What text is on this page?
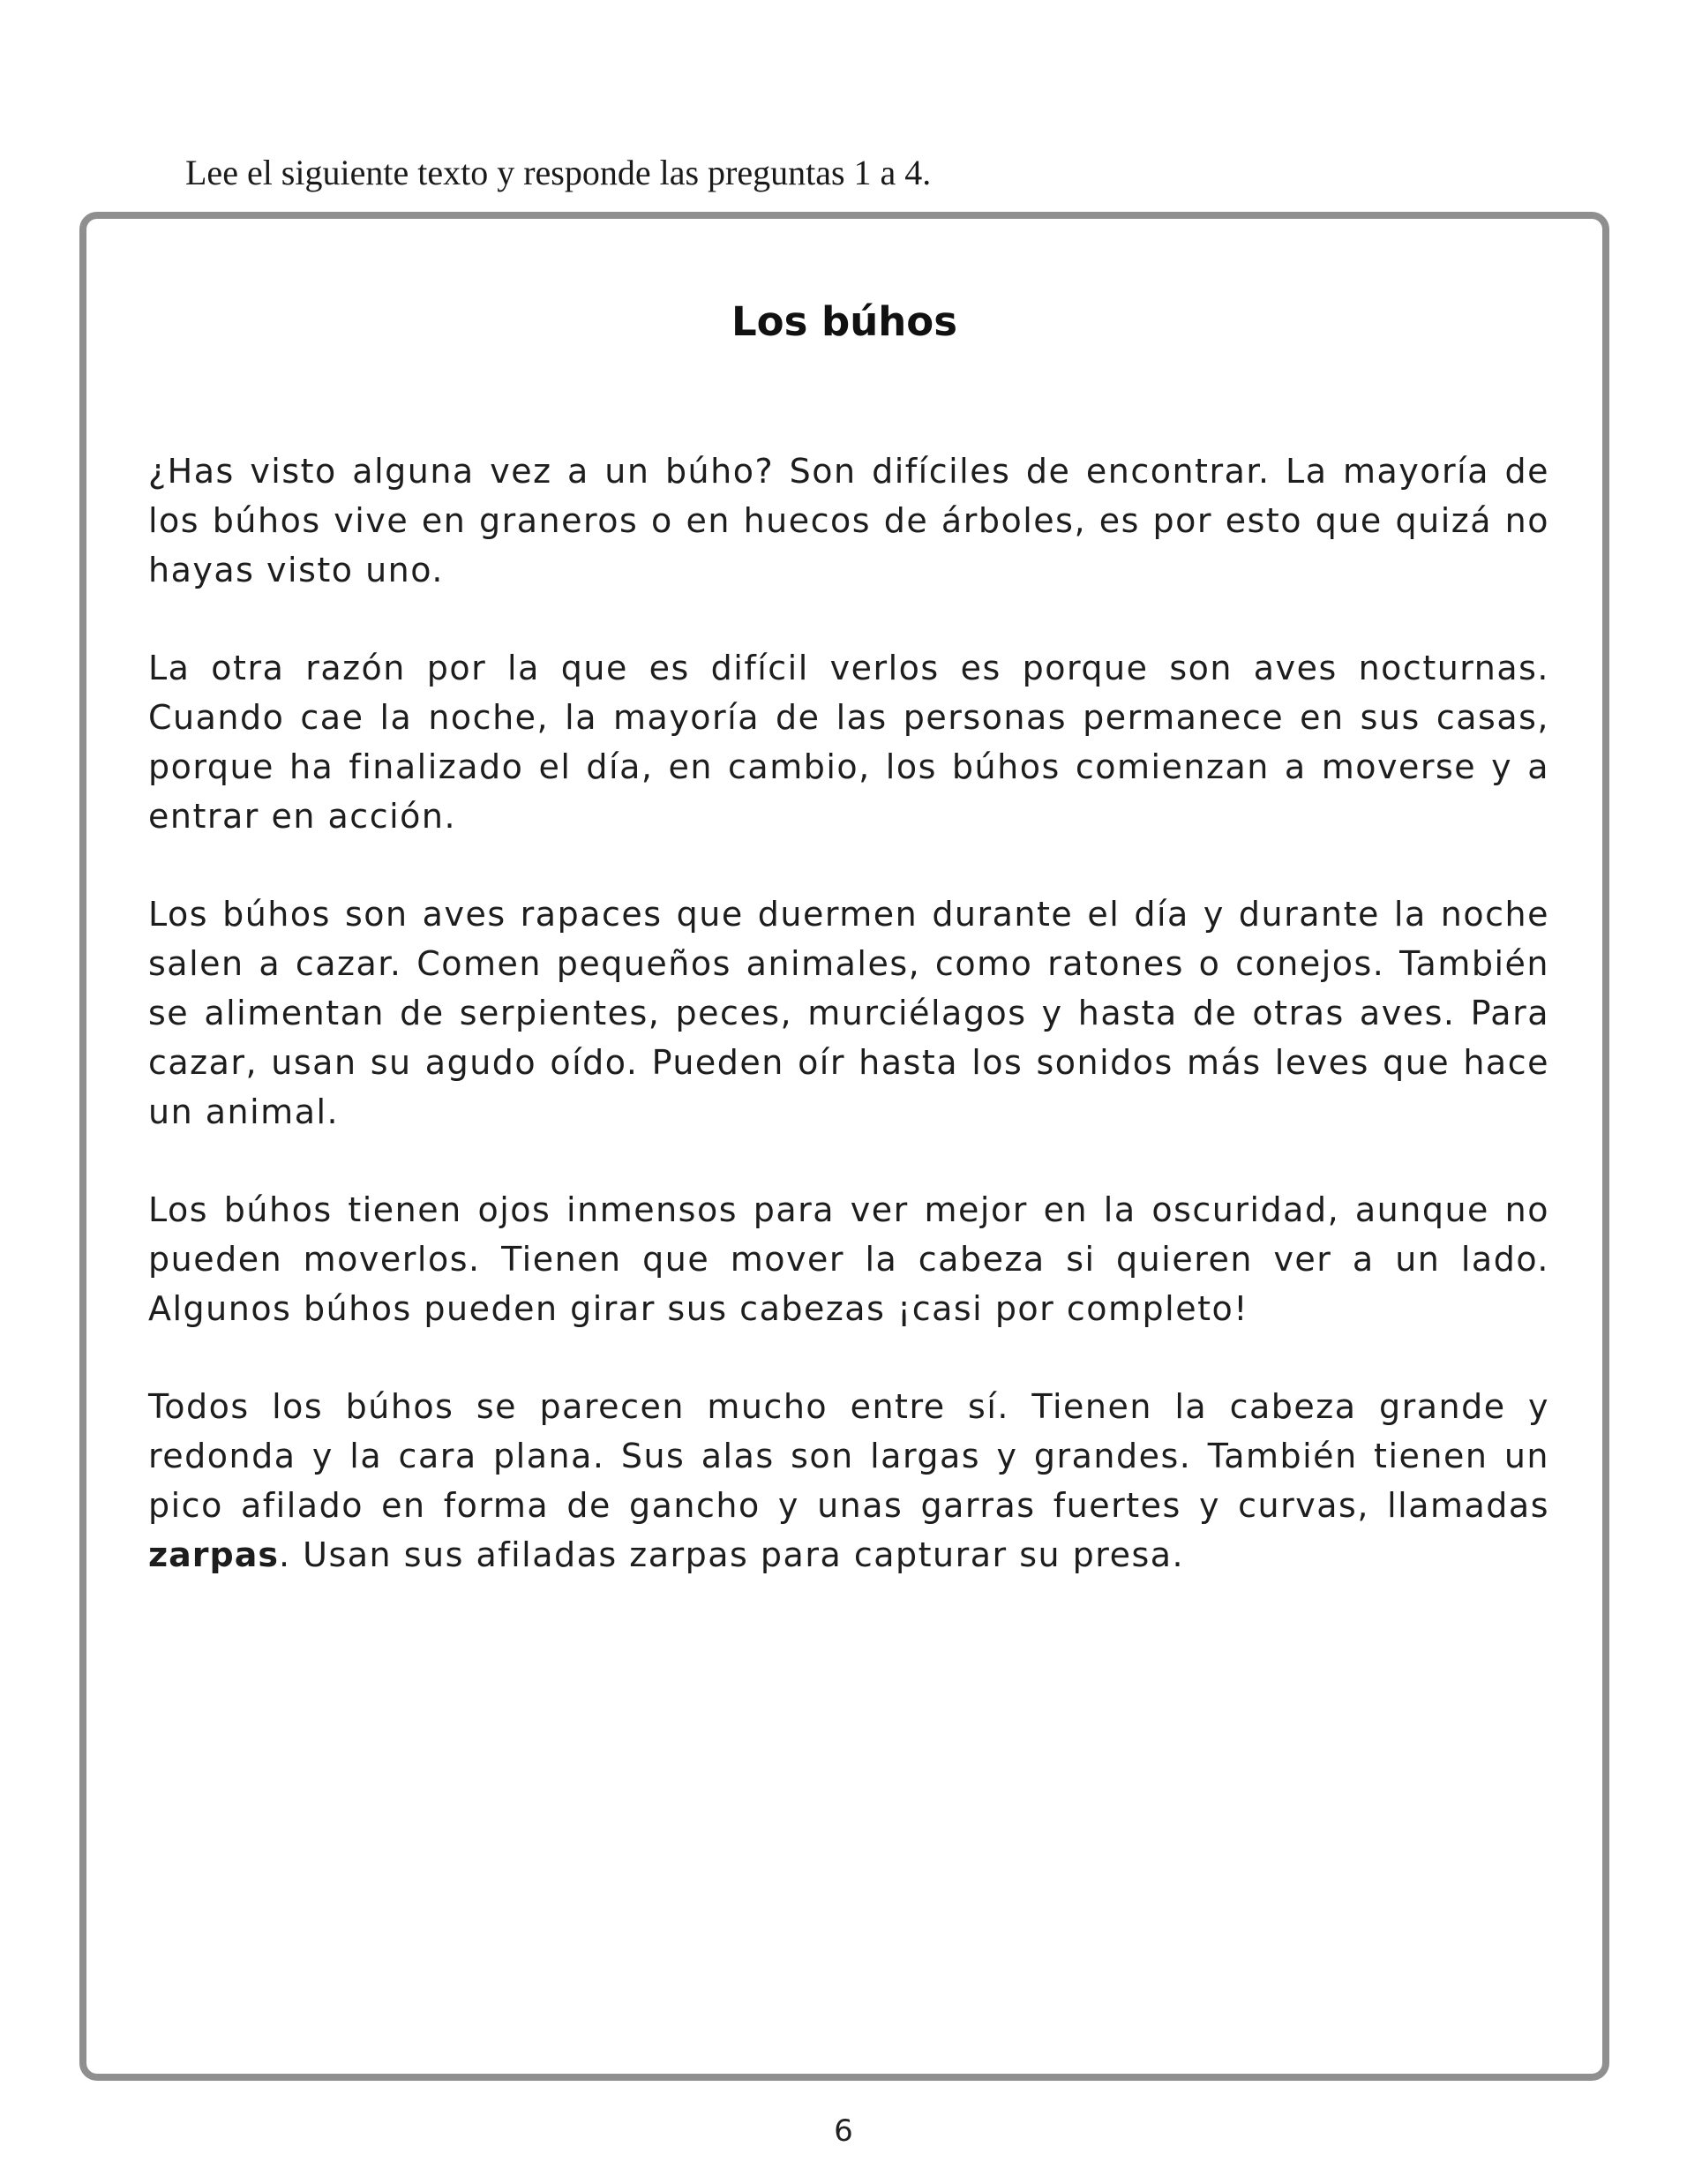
Lee el siguiente texto y responde las preguntas 1 a 4.

Los búhos

¿Has visto alguna vez a un búho? Son difíciles de encontrar. La mayoría de los búhos vive en graneros o en huecos de árboles, es por esto que quizá no hayas visto uno.

La otra razón por la que es difícil verlos es porque son aves nocturnas. Cuando cae la noche, la mayoría de las personas permanece en sus casas, porque ha finalizado el día, en cambio, los búhos comienzan a moverse y a entrar en acción.

Los búhos son aves rapaces que duermen durante el día y durante la noche salen a cazar. Comen pequeños animales, como ratones o conejos. También se alimentan de serpientes, peces, murciélagos y hasta de otras aves. Para cazar, usan su agudo oído. Pueden oír hasta los sonidos más leves que hace un animal.

Los búhos tienen ojos inmensos para ver mejor en la oscuridad, aunque no pueden moverlos. Tienen que mover la cabeza si quieren ver a un lado. Algunos búhos pueden girar sus cabezas ¡casi por completo!

Todos los búhos se parecen mucho entre sí. Tienen la cabeza grande y redonda y la cara plana. Sus alas son largas y grandes. También tienen un pico afilado en forma de gancho y unas garras fuertes y curvas, llamadas zarpas. Usan sus afiladas zarpas para capturar su presa.

6
